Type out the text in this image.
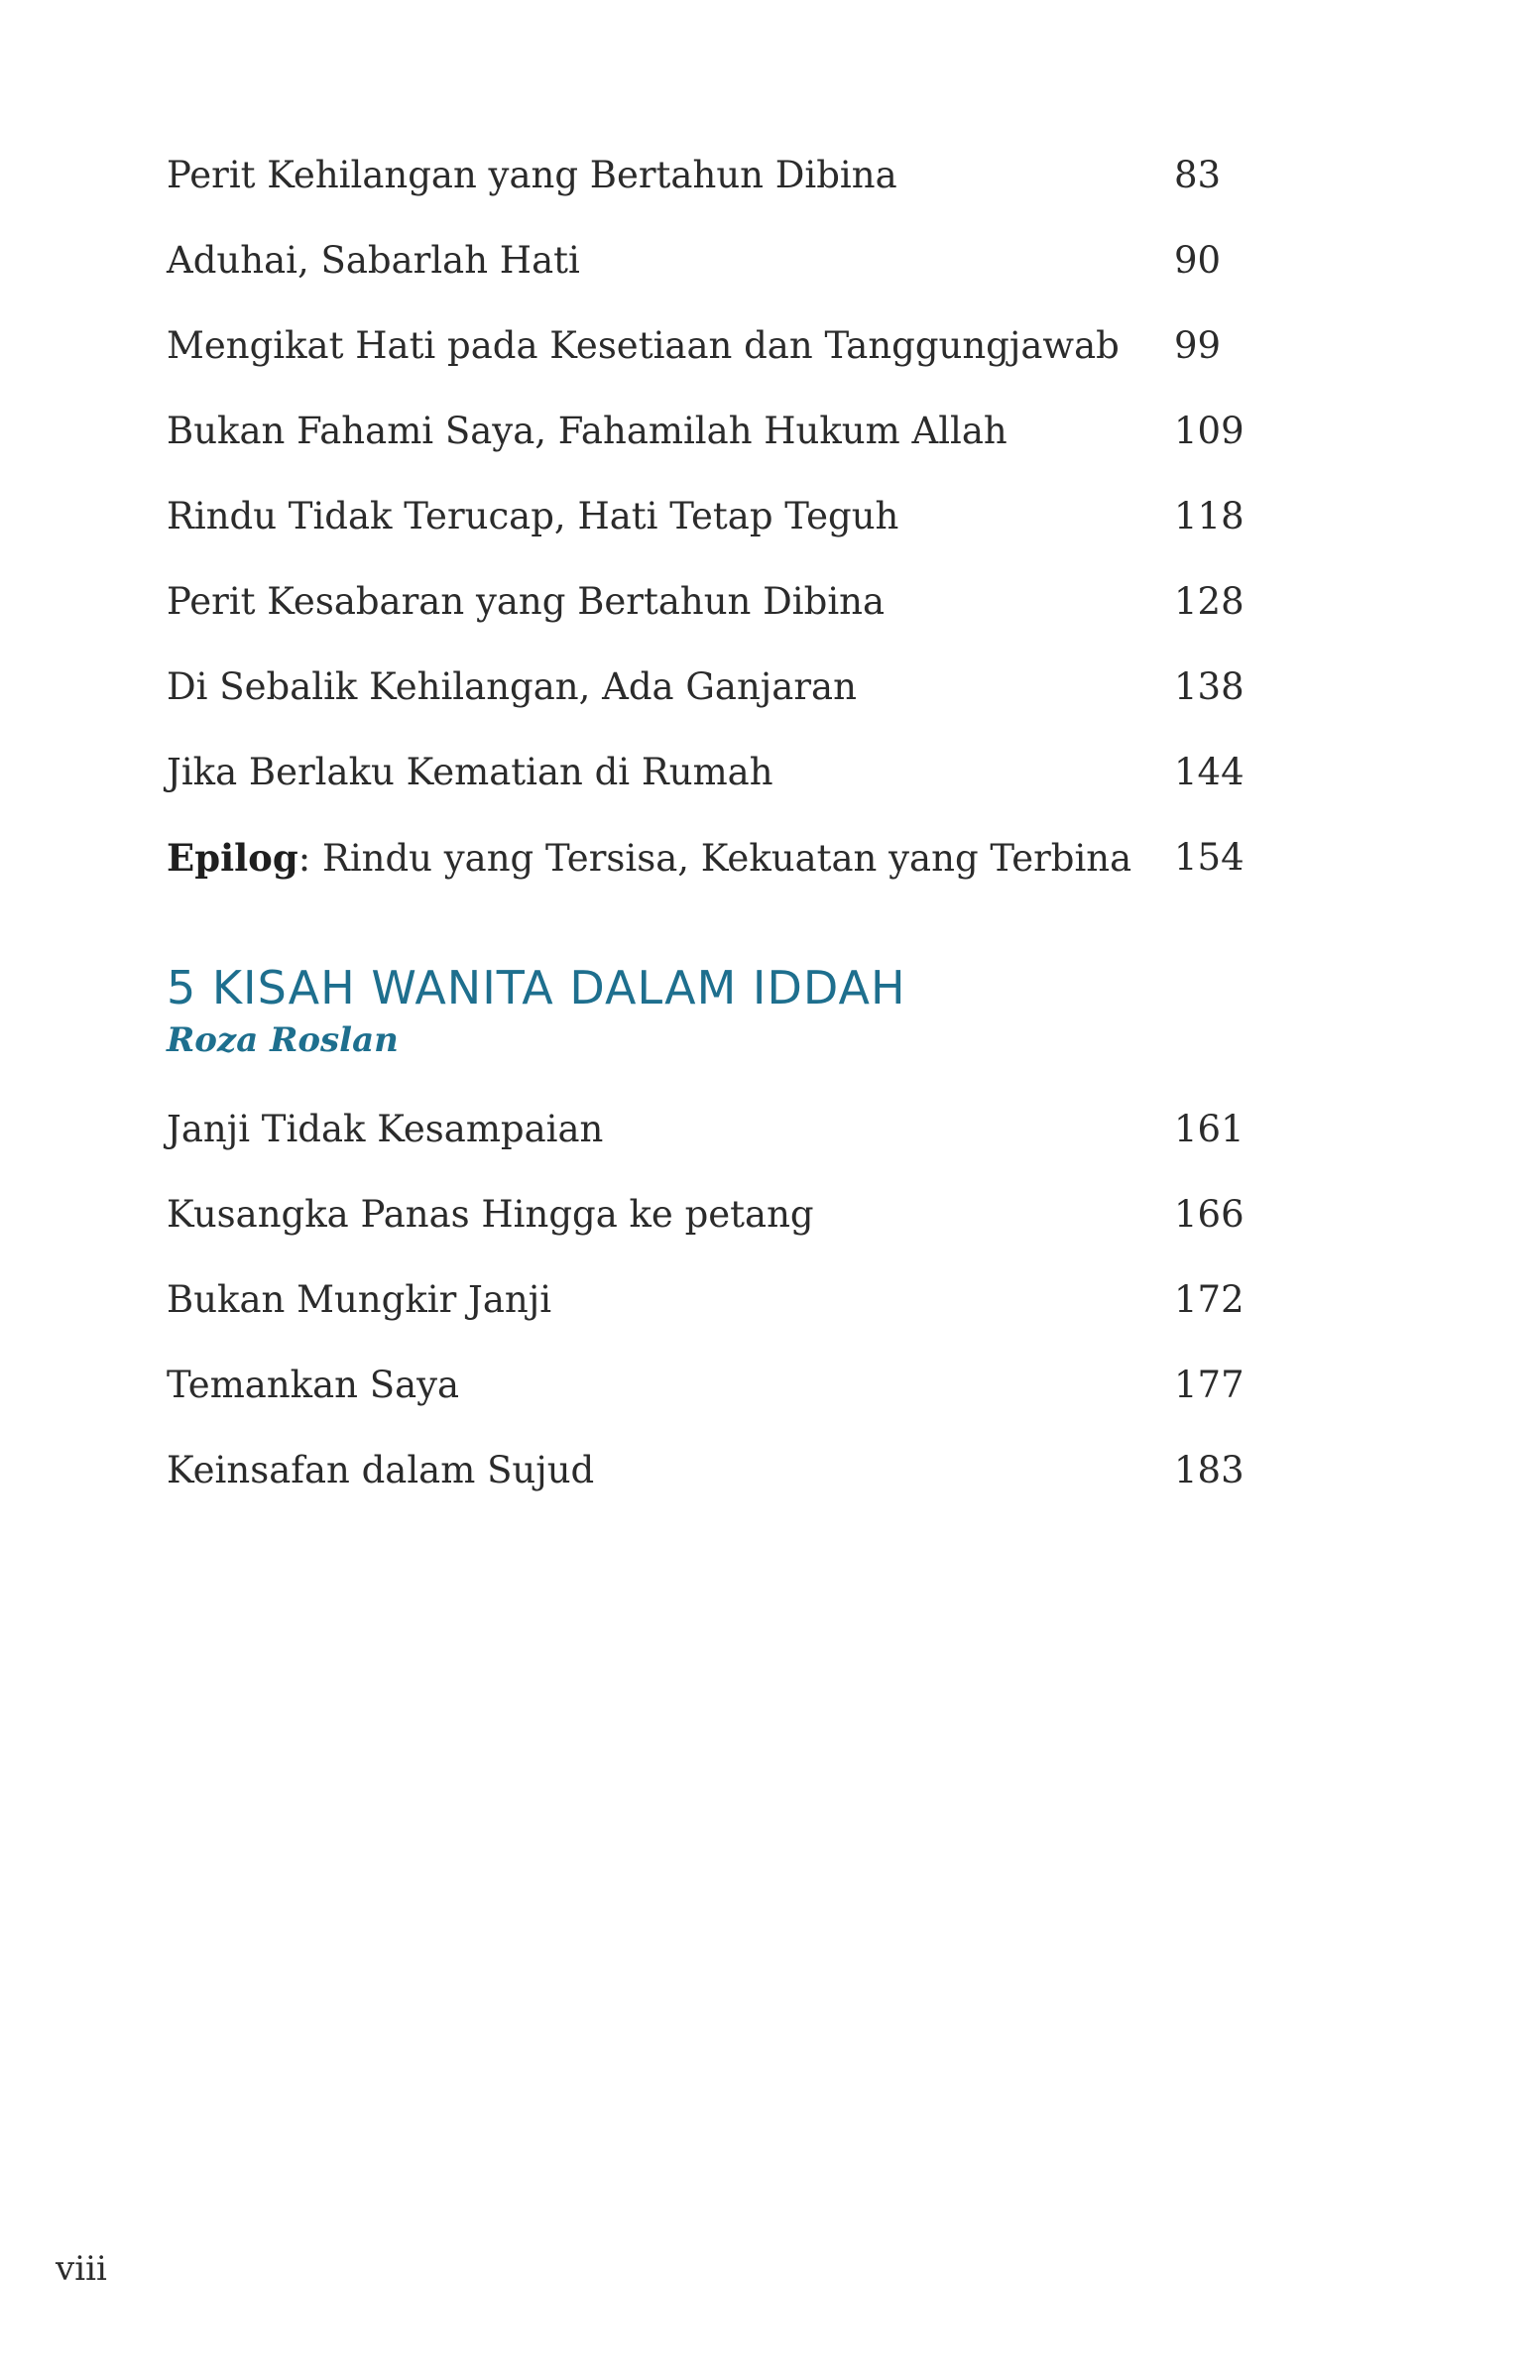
Perit Kehilangan yang Bertahun Dibina	83
Aduhai, Sabarlah Hati	90
Mengikat Hati pada Kesetiaan dan Tanggungjawab 99
Bukan Fahami Saya, Fahamilah Hukum Allah	109
Rindu Tidak Terucap, Hati Tetap Teguh	118
Perit Kesabaran yang Bertahun Dibina	128
Di Sebalik Kehilangan, Ada Ganjaran	138
Jika Berlaku Kematian di Rumah	144
Epilog: Rindu yang Tersisa, Kekuatan yang Terbina 154
5 KISAH WANITA DALAM IDDAH
Roza Roslan
Janji Tidak Kesampaian	161
Kusangka Panas Hingga ke petang	166
Bukan Mungkir Janji	172
Temankan Saya	177
Keinsafan dalam Sujud	183
viii
